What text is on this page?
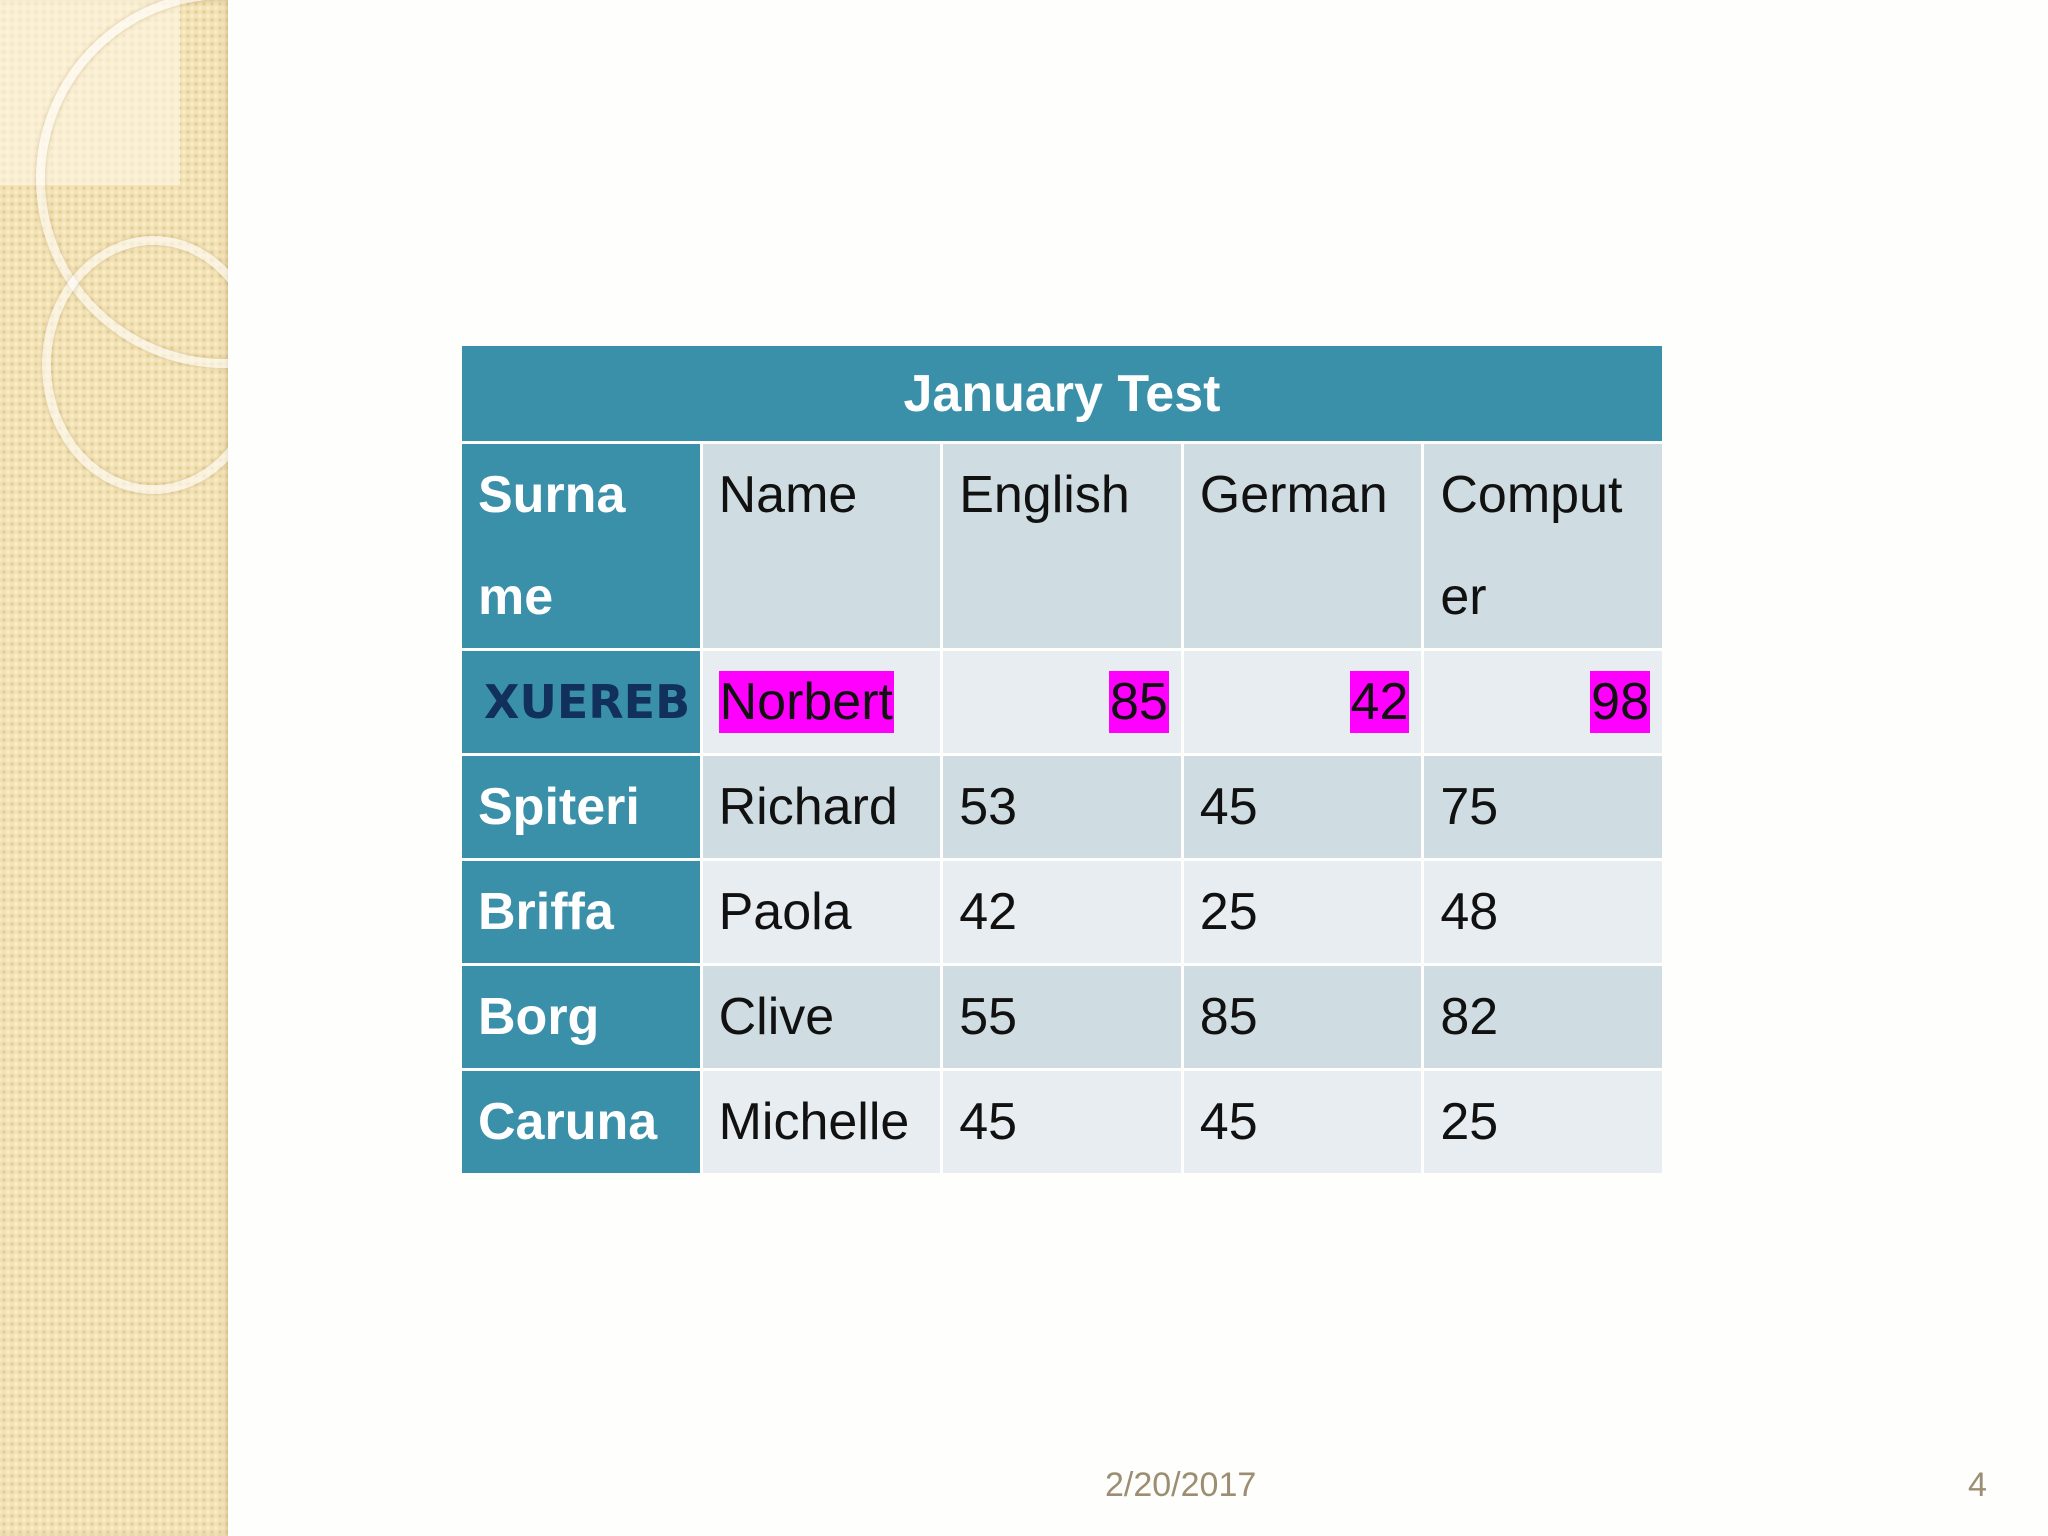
January Test				
Surna
me	Name	English	German	Comput
er
XUEREB	Norbert	85	42	98
Spiteri	Richard	53	45	75
Briffa	Paola	42	25	48
Borg	Clive	55	85	82
Caruna	Michelle	45	45	25
2/20/2017	4
